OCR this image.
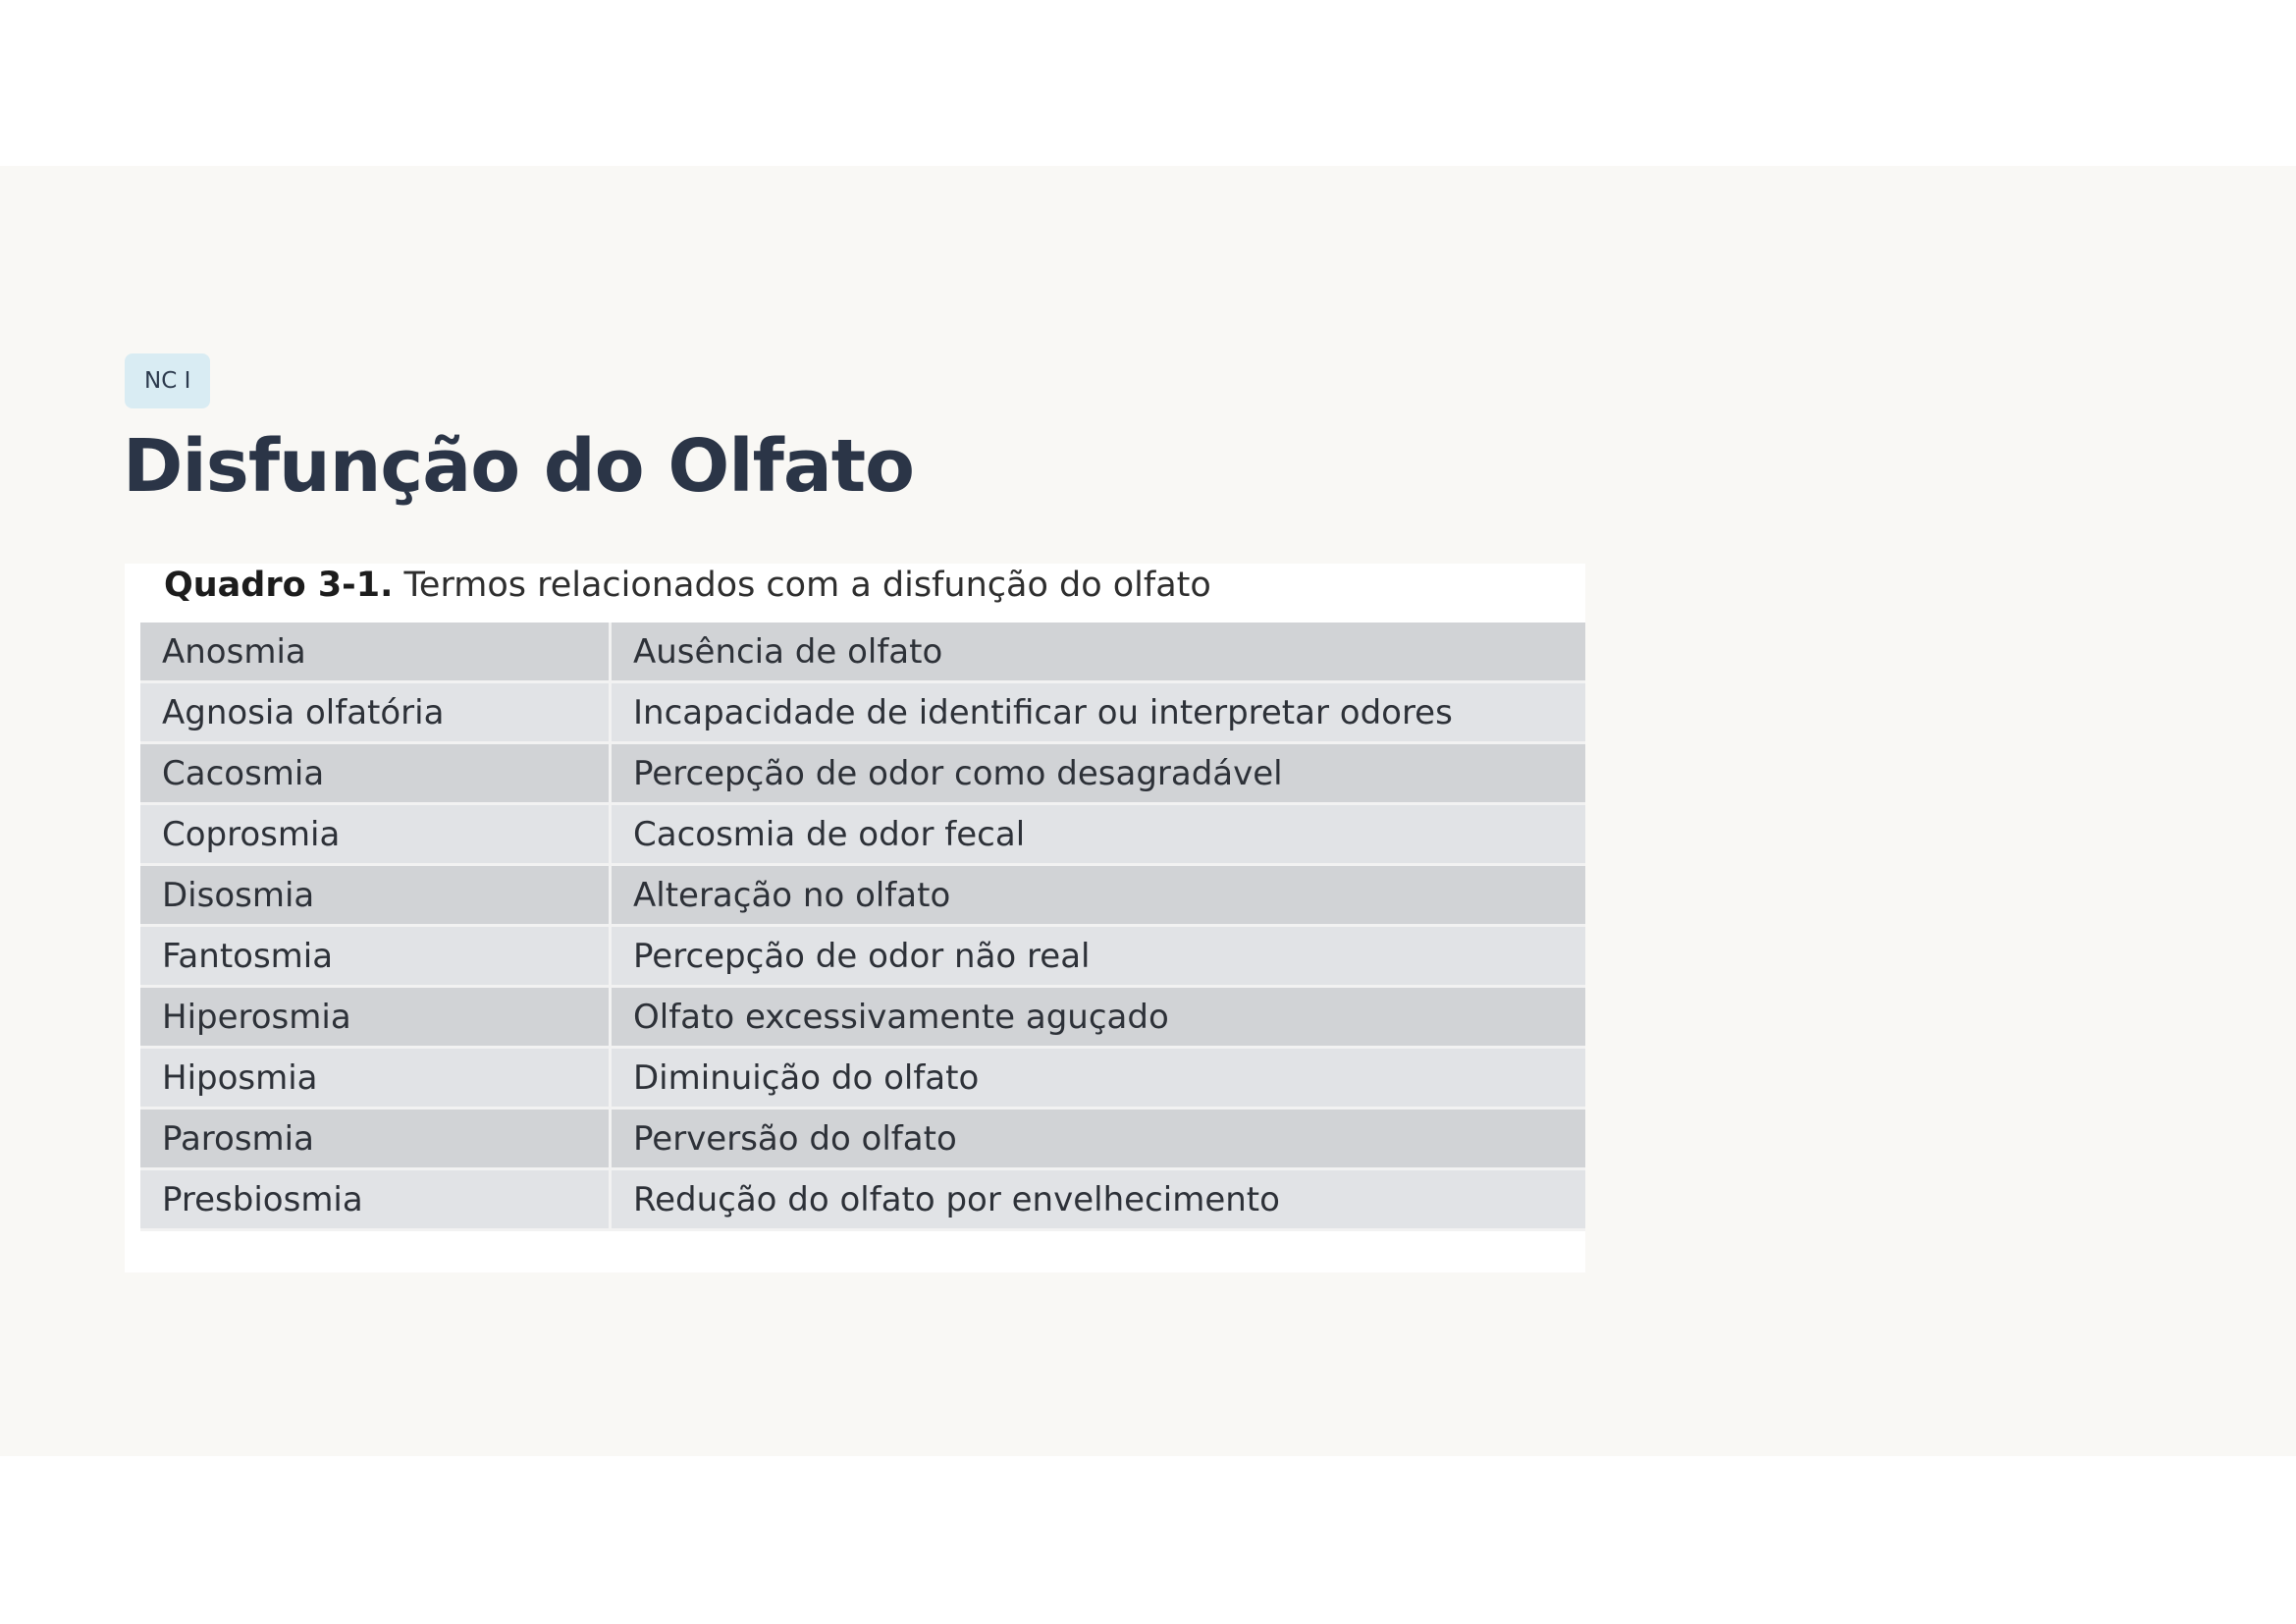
NC I
Disfunção do Olfato
Quadro 3-1. Termos relacionados com a disfunção do olfato
Anosmia	Ausência de olfato
Agnosia olfatória	Incapacidade de identificar ou interpretar odores
Cacosmia	Percepção de odor como desagradável
Coprosmia	Cacosmia de odor fecal
Disosmia	Alteração no olfato
Fantosmia	Percepção de odor não real
Hiperosmia	Olfato excessivamente aguçado
Hiposmia	Diminuição do olfato
Parosmia	Perversão do olfato
Presbiosmia	Redução do olfato por envelhecimento
